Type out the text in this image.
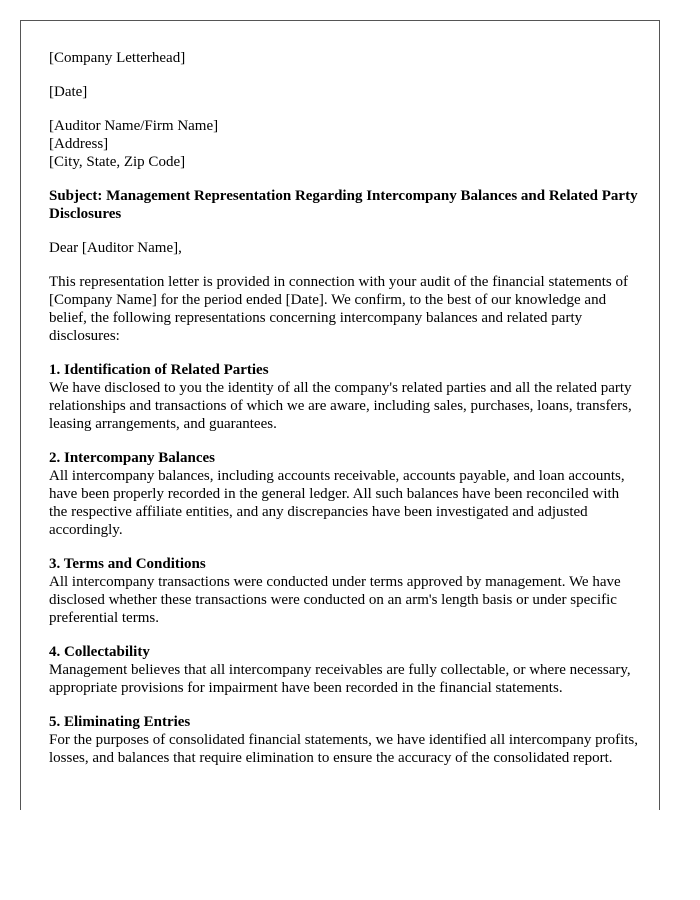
[Company Letterhead]

[Date]

[Auditor Name/Firm Name]
[Address]
[City, State, Zip Code]

Subject: Management Representation Regarding Intercompany Balances and Related Party Disclosures

Dear [Auditor Name],

This representation letter is provided in connection with your audit of the financial statements of [Company Name] for the period ended [Date]. We confirm, to the best of our knowledge and belief, the following representations concerning intercompany balances and related party disclosures:

1. Identification of Related Parties
We have disclosed to you the identity of all the company's related parties and all the related party relationships and transactions of which we are aware, including sales, purchases, loans, transfers, leasing arrangements, and guarantees.
2. Intercompany Balances
All intercompany balances, including accounts receivable, accounts payable, and loan accounts, have been properly recorded in the general ledger. All such balances have been reconciled with the respective affiliate entities, and any discrepancies have been investigated and adjusted accordingly.
3. Terms and Conditions
All intercompany transactions were conducted under terms approved by management. We have disclosed whether these transactions were conducted on an arm's length basis or under specific preferential terms.
4. Collectability
Management believes that all intercompany receivables are fully collectable, or where necessary, appropriate provisions for impairment have been recorded in the financial statements.
5. Eliminating Entries
For the purposes of consolidated financial statements, we have identified all intercompany profits, losses, and balances that require elimination to ensure the accuracy of the consolidated report.
